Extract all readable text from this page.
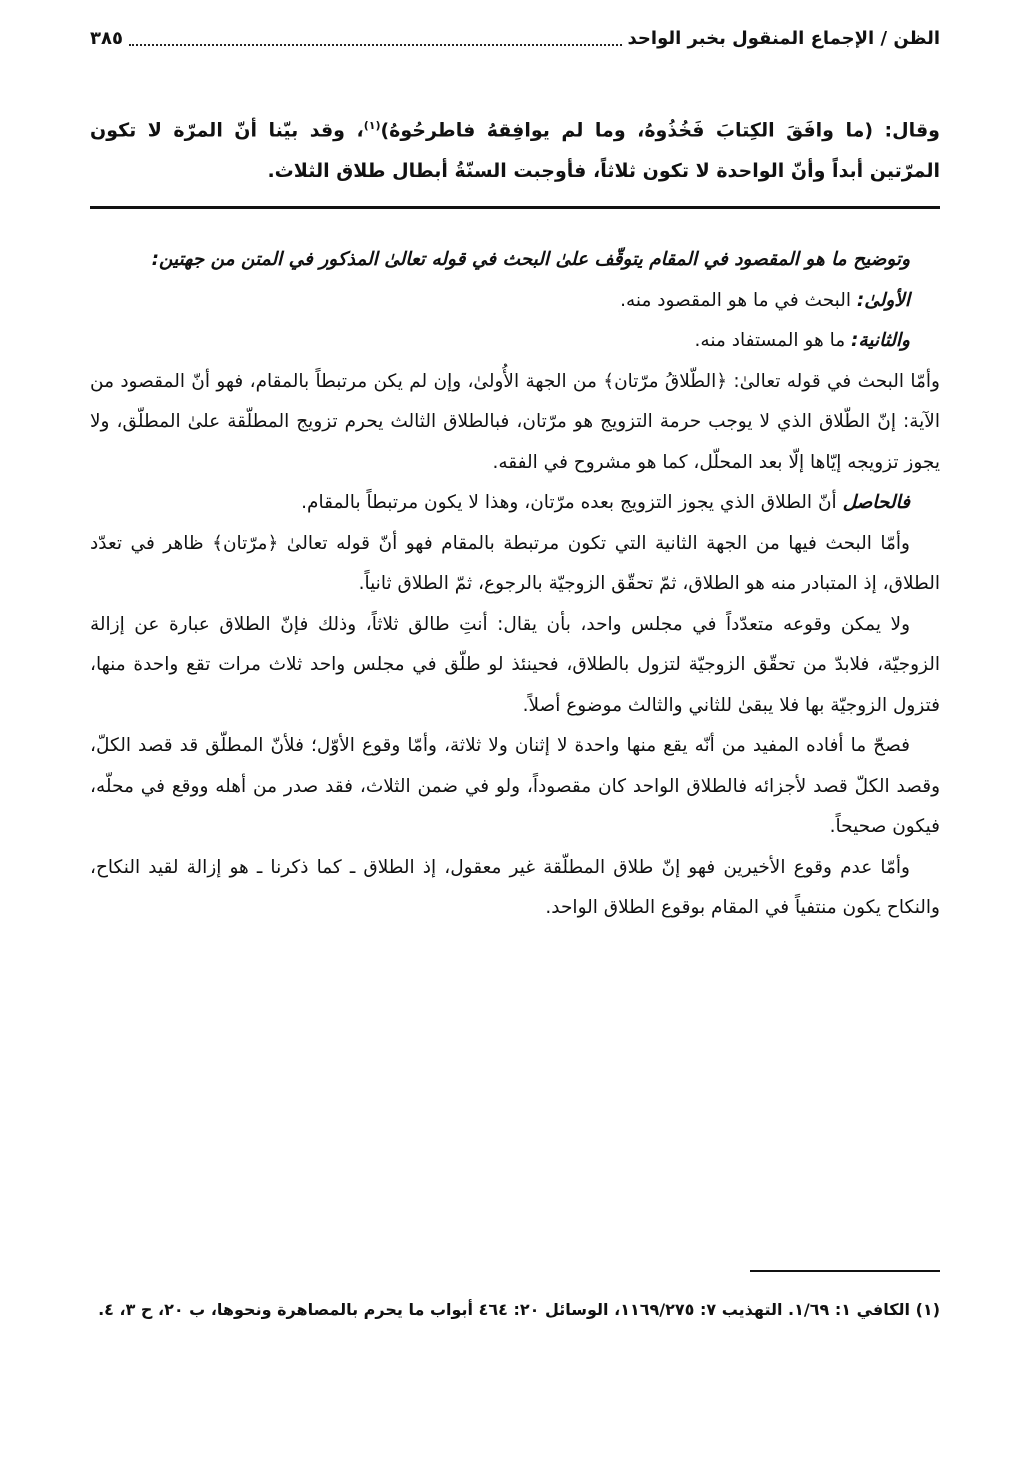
الظن / الإجماع المنقول بخبر الواحد
٣٨٥
وقال: (ما وافَقَ الكِتابَ فَخُذُوهُ، وما لم يوافِقهُ فاطرحُوهُ)$^{(١)}$، وقد بيّنا أنّ المرّة لا تكون المرّتين أبداً وأنّ الواحدة لا تكون ثلاثاً، فأوجبت السنّةُ أبطال طلاق الثلاث.

وتوضيح ما هو المقصود في المقام يتوقّف علىٰ البحث في قوله تعالىٰ المذكور في المتن من جهتين:

الأولىٰ: البحث في ما هو المقصود منه.

والثانية: ما هو المستفاد منه.

وأمّا البحث في قوله تعالىٰ: ﴿الطّلاقُ مرّتان﴾ من الجهة الأُولىٰ، وإن لم يكن مرتبطاً بالمقام، فهو أنّ المقصود من الآية: إنّ الطّلاق الذي لا يوجب حرمة التزويج هو مرّتان، فبالطلاق الثالث يحرم تزويج المطلّقة علىٰ المطلّق، ولا يجوز تزويجه إيّاها إلّا بعد المحلّل، كما هو مشروح في الفقه.

فالحاصل أنّ الطلاق الذي يجوز التزويج بعده مرّتان، وهذا لا يكون مرتبطاً بالمقام.

وأمّا البحث فيها من الجهة الثانية التي تكون مرتبطة بالمقام فهو أنّ قوله تعالىٰ ﴿مرّتان﴾ ظاهر في تعدّد الطلاق، إذ المتبادر منه هو الطلاق، ثمّ تحقّق الزوجيّة بالرجوع، ثمّ الطلاق ثانياً.

ولا يمكن وقوعه متعدّداً في مجلس واحد، بأن يقال: أنتِ طالق ثلاثاً، وذلك فإنّ الطلاق عبارة عن إزالة الزوجيّة، فلابدّ من تحقّق الزوجيّة لتزول بالطلاق، فحينئذ لو طلّق في مجلس واحد ثلاث مرات تقع واحدة منها، فتزول الزوجيّة بها فلا يبقىٰ للثاني والثالث موضوع أصلاً.

فصحّ ما أفاده المفيد من أنّه يقع منها واحدة لا إثنان ولا ثلاثة، وأمّا وقوع الأوّل؛ فلأنّ المطلّق قد قصد الكلّ، وقصد الكلّ قصد لأجزائه فالطلاق الواحد كان مقصوداً، ولو في ضمن الثلاث، فقد صدر من أهله ووقع في محلّه، فيكون صحيحاً.

وأمّا عدم وقوع الأخيرين فهو إنّ طلاق المطلّقة غير معقول، إذ الطلاق ـ كما ذكرنا ـ هو إزالة لقيد النكاح، والنكاح يكون منتفياً في المقام بوقوع الطلاق الواحد.

(١) الكافي ١: ١/٦٩. التهذيب ٧: ١١٦٩/٢٧٥، الوسائل ٢٠: ٤٦٤ أبواب ما يحرم بالمصاهرة ونحوها، ب ٢٠، ح ٣، ٤.
